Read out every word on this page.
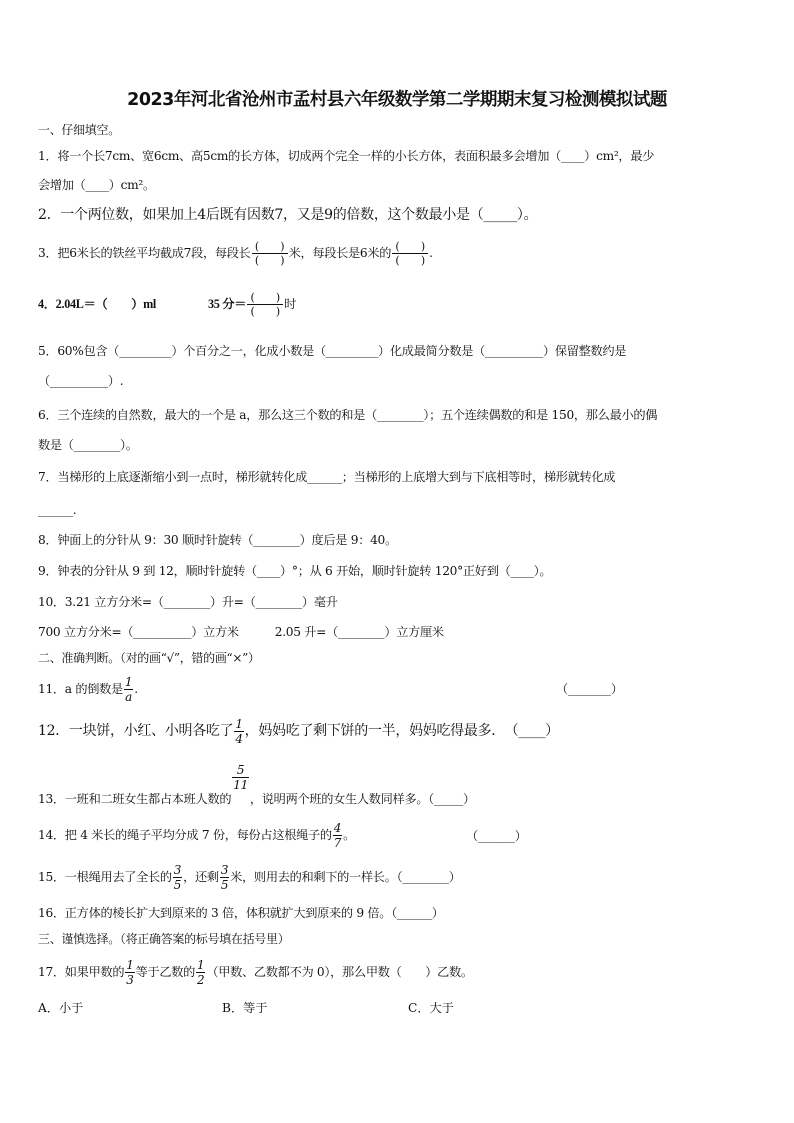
2023年河北省沧州市孟村县六年级数学第二学期期末复习检测模拟试题
一、仔细填空。
1．将一个长7cm、宽6cm、高5cm的长方体，切成两个完全一样的小长方体，表面积最多会增加（____）cm²，最少
会增加（____）cm²。
2．一个两位数，如果加上4后既有因数7，又是9的倍数，这个数最小是（_____）。
3．把6米长的铁丝平均截成7段，每段长 $\frac{( )}{( )}$ 米，每段长是6米的 $\frac{( )}{( )}$ .
4．2.04L＝（　　）ml	35 分＝ $\frac{( )}{( )}$ 时
5．60%包含（_________）个百分之一，化成小数是（_________）化成最简分数是（__________）保留整数约是
（__________）.
6．三个连续的自然数，最大的一个是 a，那么这三个数的和是（________）；五个连续偶数的和是 150，那么最小的偶
数是（________）。
7．当梯形的上底逐渐缩小到一点时，梯形就转化成______；当梯形的上底增大到与下底相等时，梯形就转化成
______.
8．钟面上的分针从 9：30 顺时针旋转（________）度后是 9：40。
9．钟表的分针从 9 到 12，顺时针旋转（____）°；从 6 开始，顺时针旋转 120°正好到（____）。
10．3.21 立方分米=（________）升=（________）毫升
700 立方分米=（__________）立方米	2.05 升=（________）立方厘米
二、准确判断。（对的画“√”，错的画“×”）
11．a 的倒数是 $\frac{1}{a}$ .	（_______）
12．一块饼，小红、小明各吃了 $\frac{1}{4}$ ，妈妈吃了剩下饼的一半，妈妈吃得最多．　（____）
13．一班和二班女生都占本班人数的
$\frac{5}{11}$
，说明两个班的女生人数同样多。（_____）
14．把 4 米长的绳子平均分成 7 份，每份占这根绳子的 $\frac{4}{7}$ 。	（______）
15．一根绳用去了全长的 $\frac{3}{5}$ ，还剩 $\frac{3}{5}$ 米，则用去的和剩下的一样长。（________）
16．正方体的棱长扩大到原来的 3 倍，体积就扩大到原来的 9 倍。（______）
三、谨慎选择。（将正确答案的标号填在括号里）
17．如果甲数的 $\frac{1}{3}$ 等于乙数的 $\frac{1}{2}$ （甲数、乙数都不为 0），那么甲数（　　）乙数。
A．小于	B．等于	C．大于
